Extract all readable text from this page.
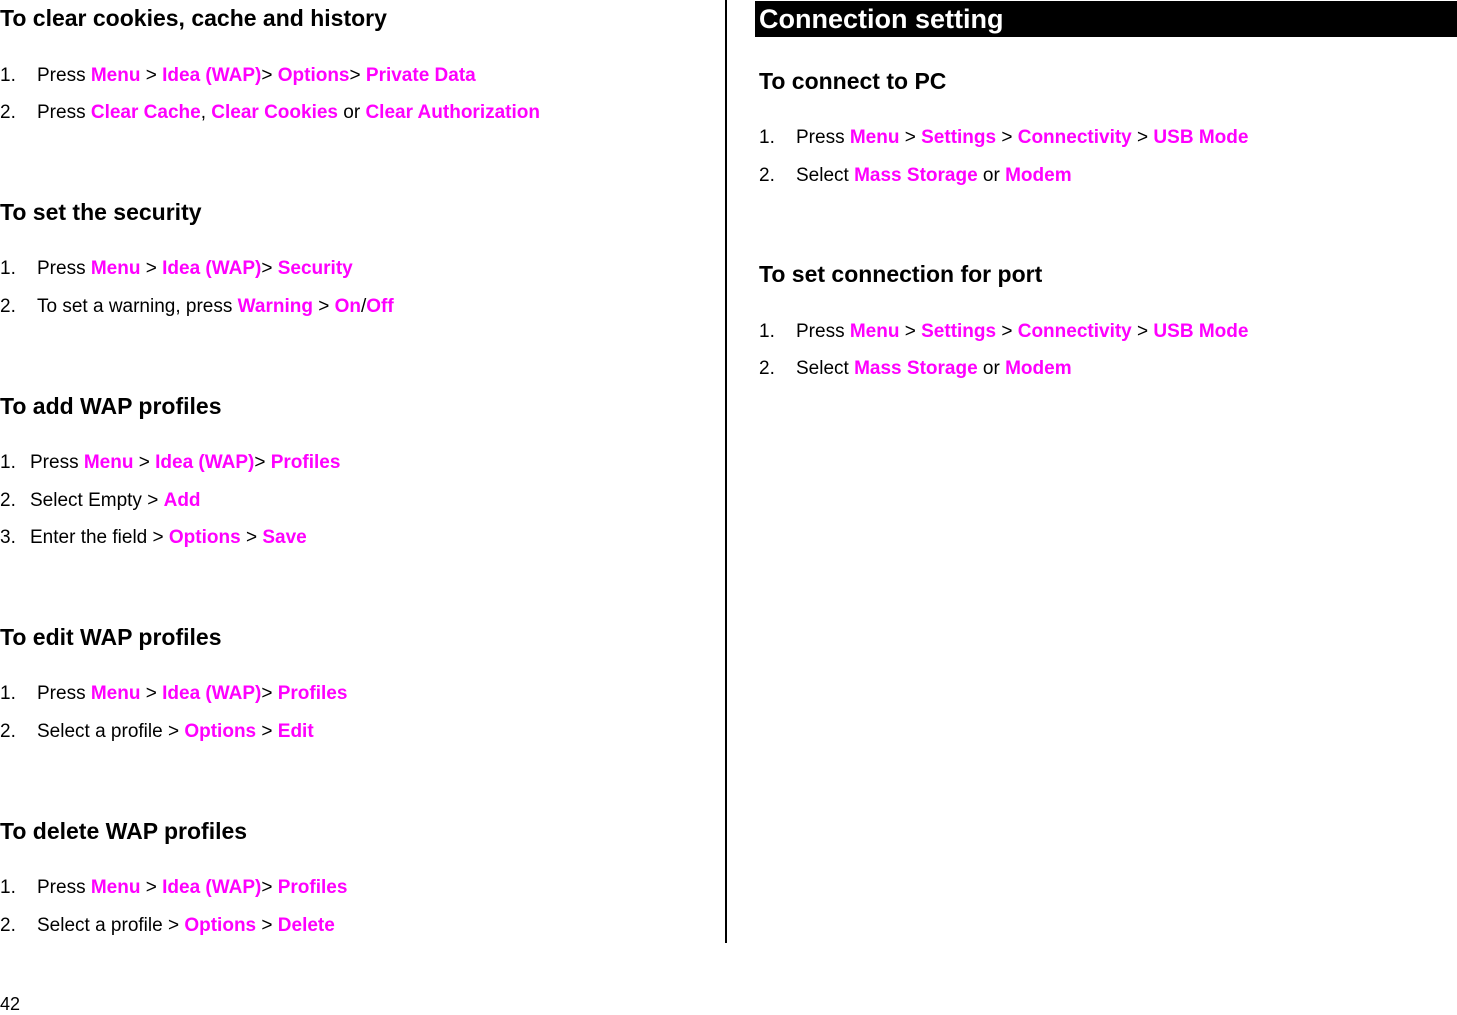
To clear cookies, cache and history
1. Press Menu > Idea (WAP)> Options> Private Data
2. Press Clear Cache, Clear Cookies or Clear Authorization
To set the security
1. Press Menu > Idea (WAP)> Security
2. To set a warning, press Warning > On/Off
To add WAP profiles
1. Press Menu > Idea (WAP)> Profiles
2. Select Empty > Add
3. Enter the field > Options > Save
To edit WAP profiles
1. Press Menu > Idea (WAP)> Profiles
2. Select a profile > Options > Edit
To delete WAP profiles
1. Press Menu > Idea (WAP)> Profiles
2. Select a profile > Options > Delete
Connection setting
To connect to PC
1. Press Menu > Settings > Connectivity > USB Mode
2. Select Mass Storage or Modem
To set connection for port
1. Press Menu > Settings > Connectivity > USB Mode
2. Select Mass Storage or Modem
42
